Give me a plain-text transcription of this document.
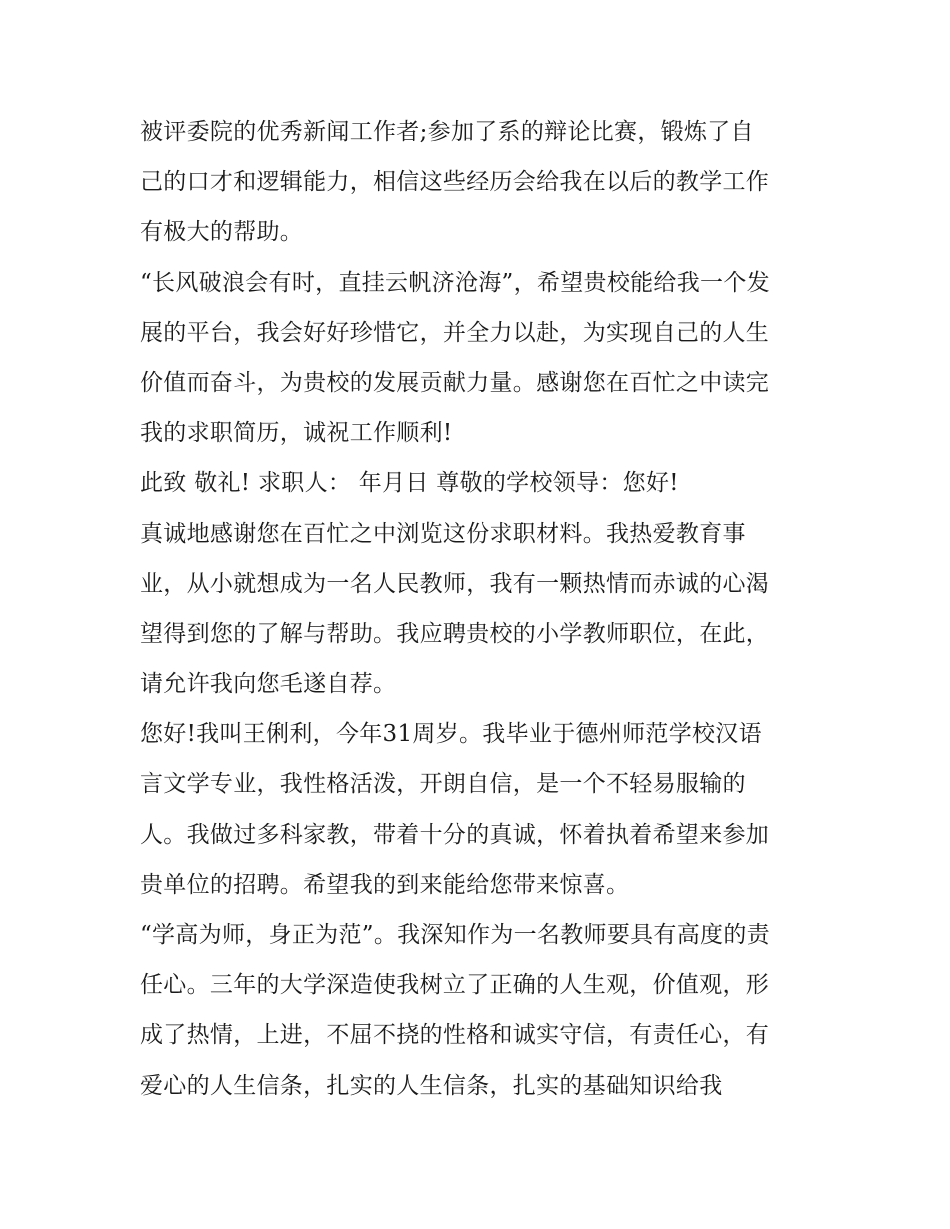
被评委院的优秀新闻工作者;参加了系的辩论比赛，锻炼了自
己的口才和逻辑能力，相信这些经历会给我在以后的教学工作
有极大的帮助。
“长风破浪会有时，直挂云帆济沧海”，希望贵校能给我一个发
展的平台，我会好好珍惜它，并全力以赴，为实现自己的人生
价值而奋斗，为贵校的发展贡献力量。感谢您在百忙之中读完
我的求职简历，诚祝工作顺利!
此致 敬礼! 求职人： 年月日 尊敬的学校领导：您好!
真诚地感谢您在百忙之中浏览这份求职材料。我热爱教育事
业，从小就想成为一名人民教师，我有一颗热情而赤诚的心渴
望得到您的了解与帮助。我应聘贵校的小学教师职位，在此，
请允许我向您毛遂自荐。
您好!我叫王俐利，今年31周岁。我毕业于德州师范学校汉语
言文学专业，我性格活泼，开朗自信，是一个不轻易服输的
人。我做过多科家教，带着十分的真诚，怀着执着希望来参加
贵单位的招聘。希望我的到来能给您带来惊喜。
“学高为师，身正为范”。我深知作为一名教师要具有高度的责
任心。三年的大学深造使我树立了正确的人生观，价值观，形
成了热情，上进，不屈不挠的性格和诚实守信，有责任心，有
爱心的人生信条，扎实的人生信条，扎实的基础知识给我
